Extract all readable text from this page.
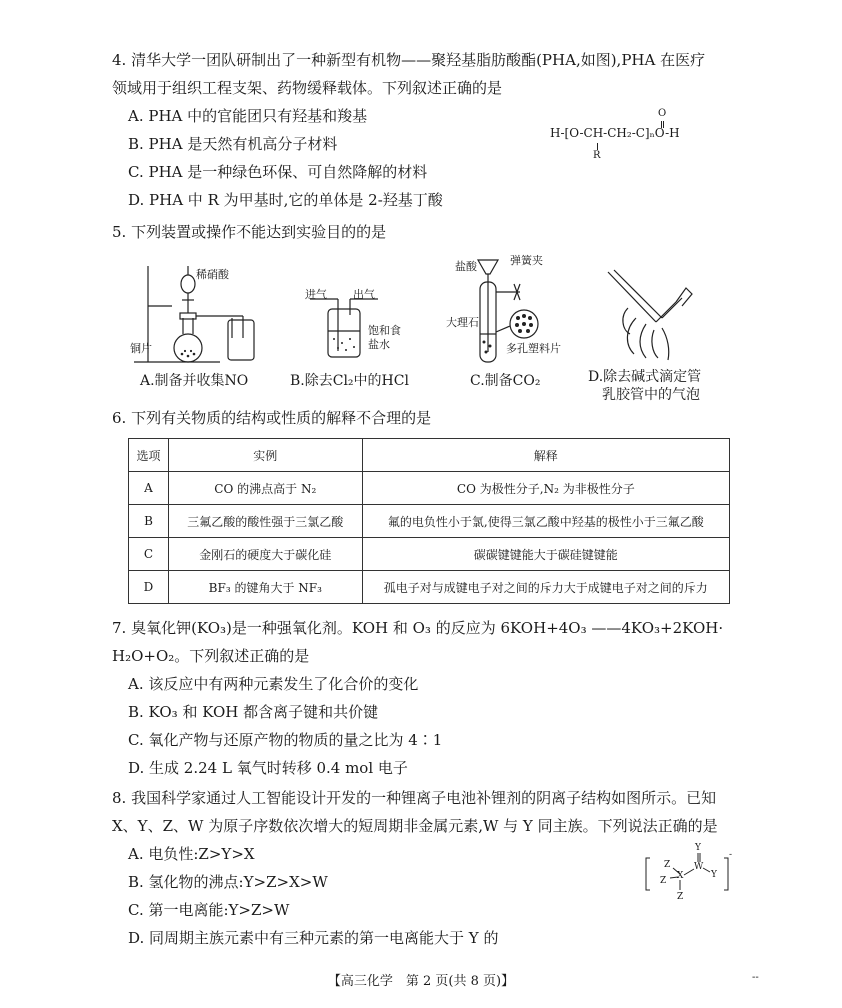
4. 清华大学一团队研制出了一种新型有机物——聚羟基脂肪酸酯(PHA,如图),PHA 在医疗
领域用于组织工程支架、药物缓释载体。下列叙述正确的是
A. PHA 中的官能团只有羟基和羧基
B. PHA 是天然有机高分子材料
C. PHA 是一种绿色环保、可自然降解的材料
D. PHA 中 R 为甲基时,它的单体是 2-羟基丁酸
O
H-[O-CH-CH₂-C]ₙO-H
R
5. 下列装置或操作不能达到实验目的的是
稀硝酸
铜片
A.制备并收集NO
进气 出气
饱和食
盐水
B.除去Cl₂中的HCl
盐酸	弹簧夹
大理石
多孔塑料片
C.制备CO₂	D.除去碱式滴定管
乳胶管中的气泡
6. 下列有关物质的结构或性质的解释不合理的是
选项	实例	解释
A	CO 的沸点高于 N₂	CO 为极性分子,N₂ 为非极性分子
B	三氟乙酸的酸性强于三氯乙酸	氟的电负性小于氯,使得三氯乙酸中羟基的极性小于三氟乙酸
C	金刚石的硬度大于碳化硅	碳碳键键能大于碳硅键键能
D	BF₃ 的键角大于 NF₃	孤电子对与成键电子对之间的斥力大于成键电子对之间的斥力
7. 臭氧化钾(KO₃)是一种强氧化剂。KOH 和 O₃ 的反应为 6KOH+4O₃ ——4KO₃+2KOH·
H₂O+O₂。下列叙述正确的是
A. 该反应中有两种元素发生了化合价的变化
B. KO₃ 和 KOH 都含离子键和共价键
C. 氧化产物与还原产物的物质的量之比为 4∶1
D. 生成 2.24 L 氧气时转移 0.4 mol 电子
8. 我国科学家通过人工智能设计开发的一种锂离子电池补锂剂的阴离子结构如图所示。已知
X、Y、Z、W 为原子序数依次增大的短周期非金属元素,W 与 Y 同主族。下列说法正确的是
A. 电负性:Z>Y>X
B. 氢化物的沸点:Y>Z>X>W
C. 第一电离能:Y>Z>W
D. 同周期主族元素中有三种元素的第一电离能大于 Y 的
Z
Z X
Z
W
Y
Y
-
【高三化学　第 2 页(共 8 页)】	--
